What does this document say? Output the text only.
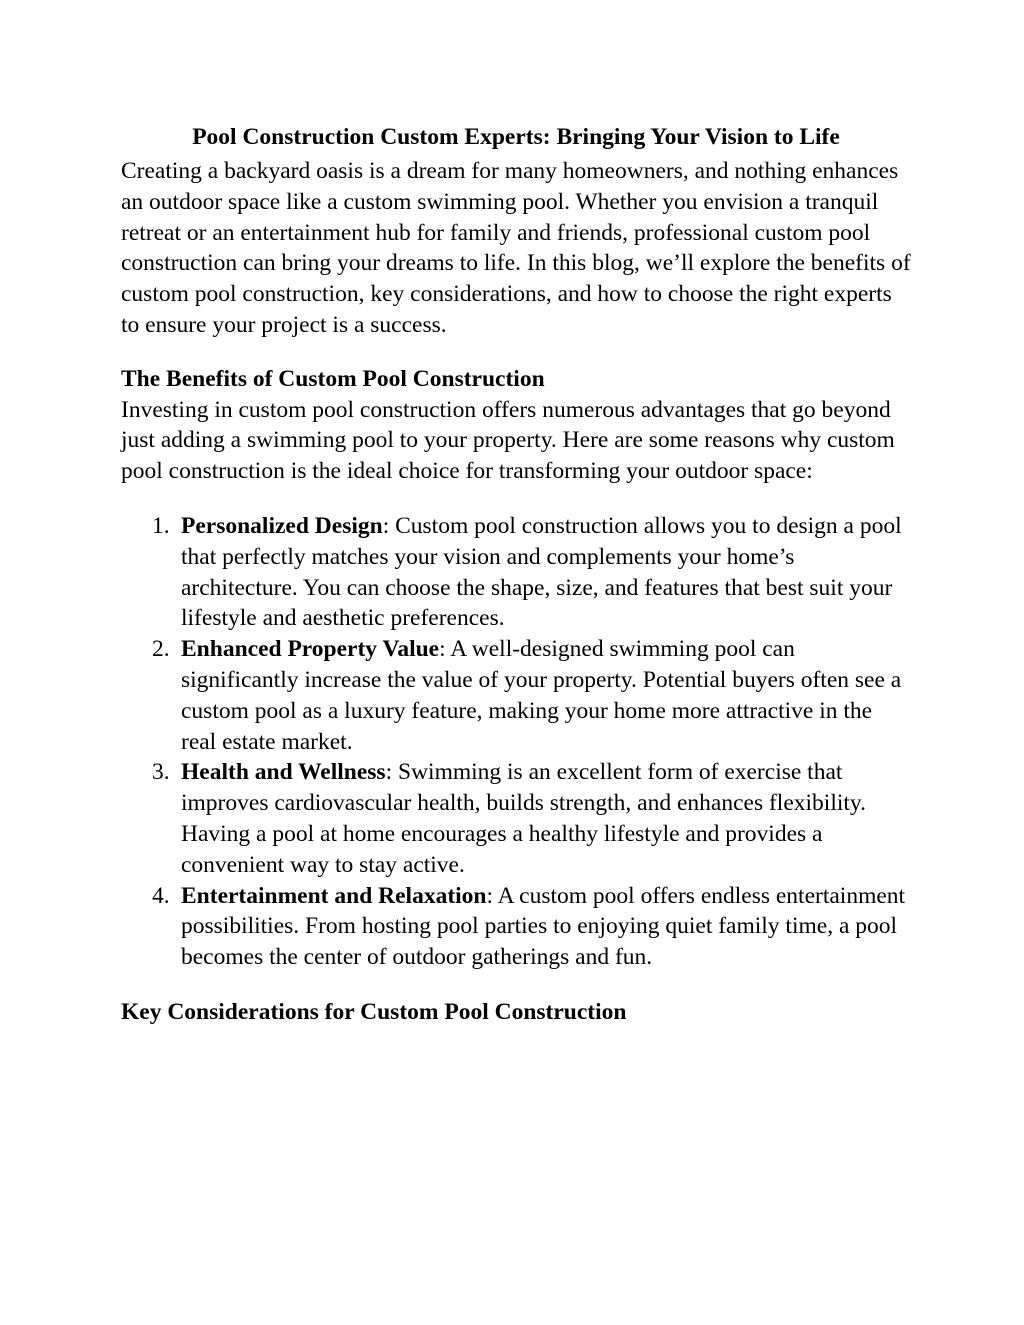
Pool Construction Custom Experts: Bringing Your Vision to Life

Creating a backyard oasis is a dream for many homeowners, and nothing enhances an outdoor space like a custom swimming pool. Whether you envision a tranquil retreat or an entertainment hub for family and friends, professional custom pool construction can bring your dreams to life. In this blog, we’ll explore the benefits of custom pool construction, key considerations, and how to choose the right experts to ensure your project is a success.

The Benefits of Custom Pool Construction

Investing in custom pool construction offers numerous advantages that go beyond just adding a swimming pool to your property. Here are some reasons why custom pool construction is the ideal choice for transforming your outdoor space:

1. Personalized Design: Custom pool construction allows you to design a pool that perfectly matches your vision and complements your home’s architecture. You can choose the shape, size, and features that best suit your lifestyle and aesthetic preferences.
2. Enhanced Property Value: A well-designed swimming pool can significantly increase the value of your property. Potential buyers often see a custom pool as a luxury feature, making your home more attractive in the real estate market.
3. Health and Wellness: Swimming is an excellent form of exercise that improves cardiovascular health, builds strength, and enhances flexibility. Having a pool at home encourages a healthy lifestyle and provides a convenient way to stay active.
4. Entertainment and Relaxation: A custom pool offers endless entertainment possibilities. From hosting pool parties to enjoying quiet family time, a pool becomes the center of outdoor gatherings and fun.
Key Considerations for Custom Pool Construction
